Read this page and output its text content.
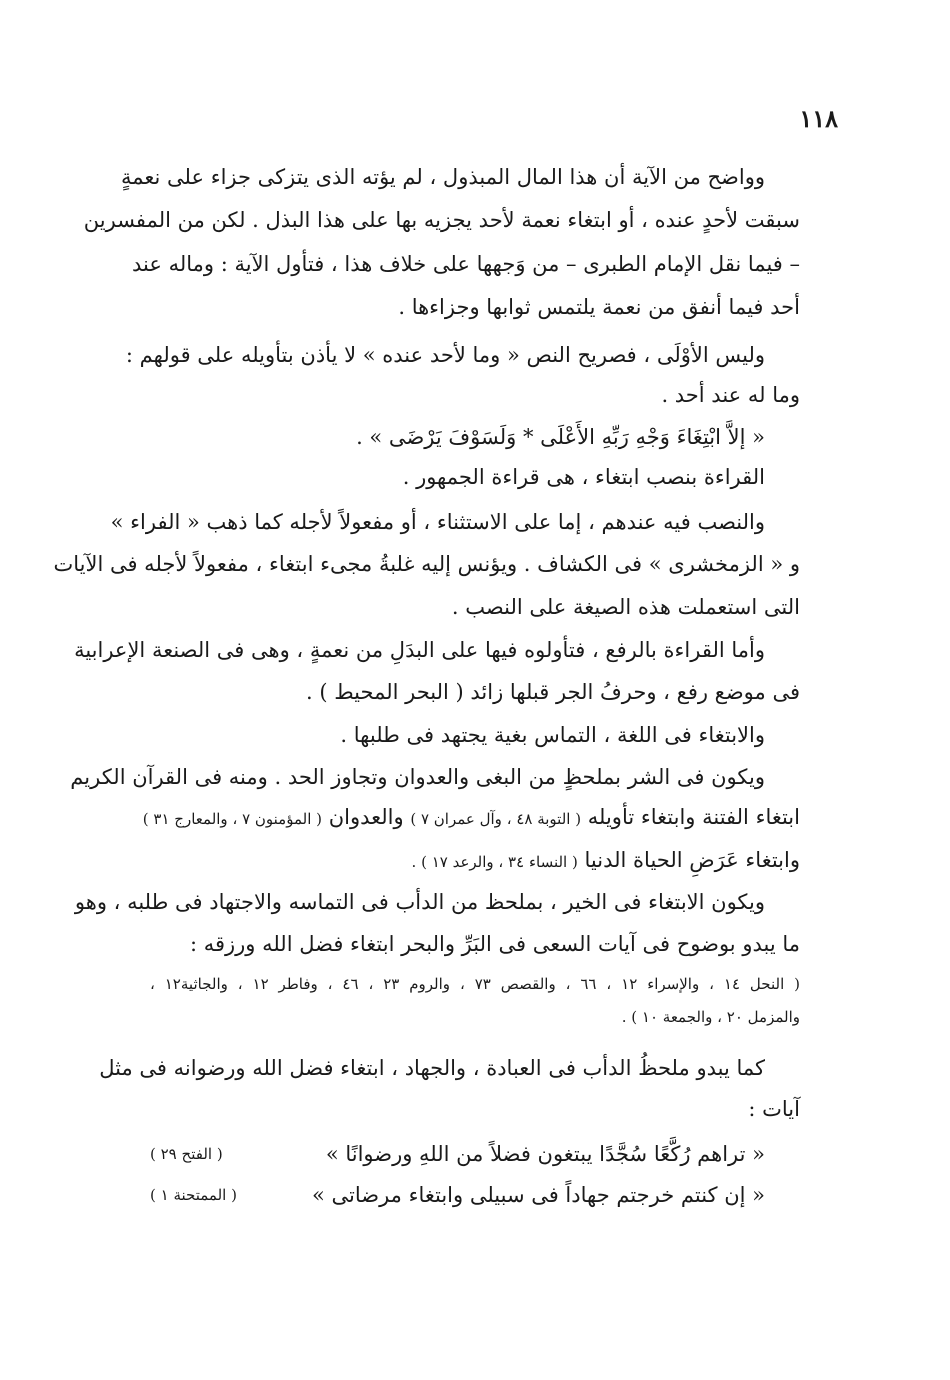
١١٨
وواضح من الآية أن هذا المال المبذول ، لم يؤته الذى يتزكى جزاء على نعمةٍ
سبقت لأحدٍ عنده ، أو ابتغاء نعمة لأحد يجزيه بها على هذا البذل . لكن من المفسرين
– فيما نقل الإمام الطبرى – من وَجهها على خلاف هذا ، فتأول الآية : وماله عند
أحد فيما أنفق من نعمة يلتمس ثوابها وجزاءها .
وليس الأوْلَى ، فصريح النص « وما لأحد عنده » لا يأذن بتأويله على قولهم :
وما له عند أحد .
« إلاَّ ابْتِغَاءَ وَجْهِ رَبِّهِ الأَعْلَى ‌‌‌‌‌‌‌‌‌‌‌‌‌‌‌* وَلَسَوْفَ يَرْضَى » .
القراءة بنصب ابتغاء ، هى قراءة الجمهور .
والنصب فيه عندهم ، إما على الاستثناء ، أو مفعولاً لأجله كما ذهب « الفراء »
و « الزمخشرى » فى الكشاف . ويؤنس إليه غلبةُ مجىء ابتغاء ، مفعولاً لأجله فى الآيات
التى استعملت هذه الصيغة على النصب .
وأما القراءة بالرفع ، فتأولوه فيها على البدَلِ من نعمةٍ ، وهى فى الصنعة الإعرابية
فى موضع رفع ، وحرفُ الجر قبلها زائد ( البحر المحيط ) .
والابتغاء فى اللغة ، التماس بغية يجتهد فى طلبها .
ويكون فى الشر بملحظٍ من البغى والعدوان وتجاوز الحد . ومنه فى القرآن الكريم
ابتغاء الفتنة وابتغاء تأويله ( التوبة ٤٨ ، وآل عمران ٧ ) والعدوان ( المؤمنون ٧ ، والمعارج ٣١ )
وابتغاء عَرَضِ الحياة الدنيا ( النساء ٣٤ ، والرعد ١٧ ) .
ويكون الابتغاء فى الخير ، بملحظ من الدأب فى التماسه والاجتهاد فى طلبه ، وهو
ما يبدو بوضوح فى آيات السعى فى البَرِّ والبحر ابتغاء فضل الله ورزقه :
( النحل ١٤ ، والإسراء ١٢ ، ٦٦ ، والقصص ٧٣ ، والروم ٢٣ ، ٤٦ ، وفاطر ١٢ ، والجاثية١٢ ،
والمزمل ٢٠ ، والجمعة ١٠ ) .
كما يبدو ملحظُ الدأب فى العبادة ، والجهاد ، ابتغاء فضل الله ورضوانه فى مثل
آيات :
« تراهم رُكَّعًا سُجَّدًا يبتغون فضلاً من اللهِ ورضوانًا »
( الفتح ٢٩ )
« إن كنتم خرجتم جهاداً فى سبيلى وابتغاء مرضاتى »
( الممتحنة ١ )
